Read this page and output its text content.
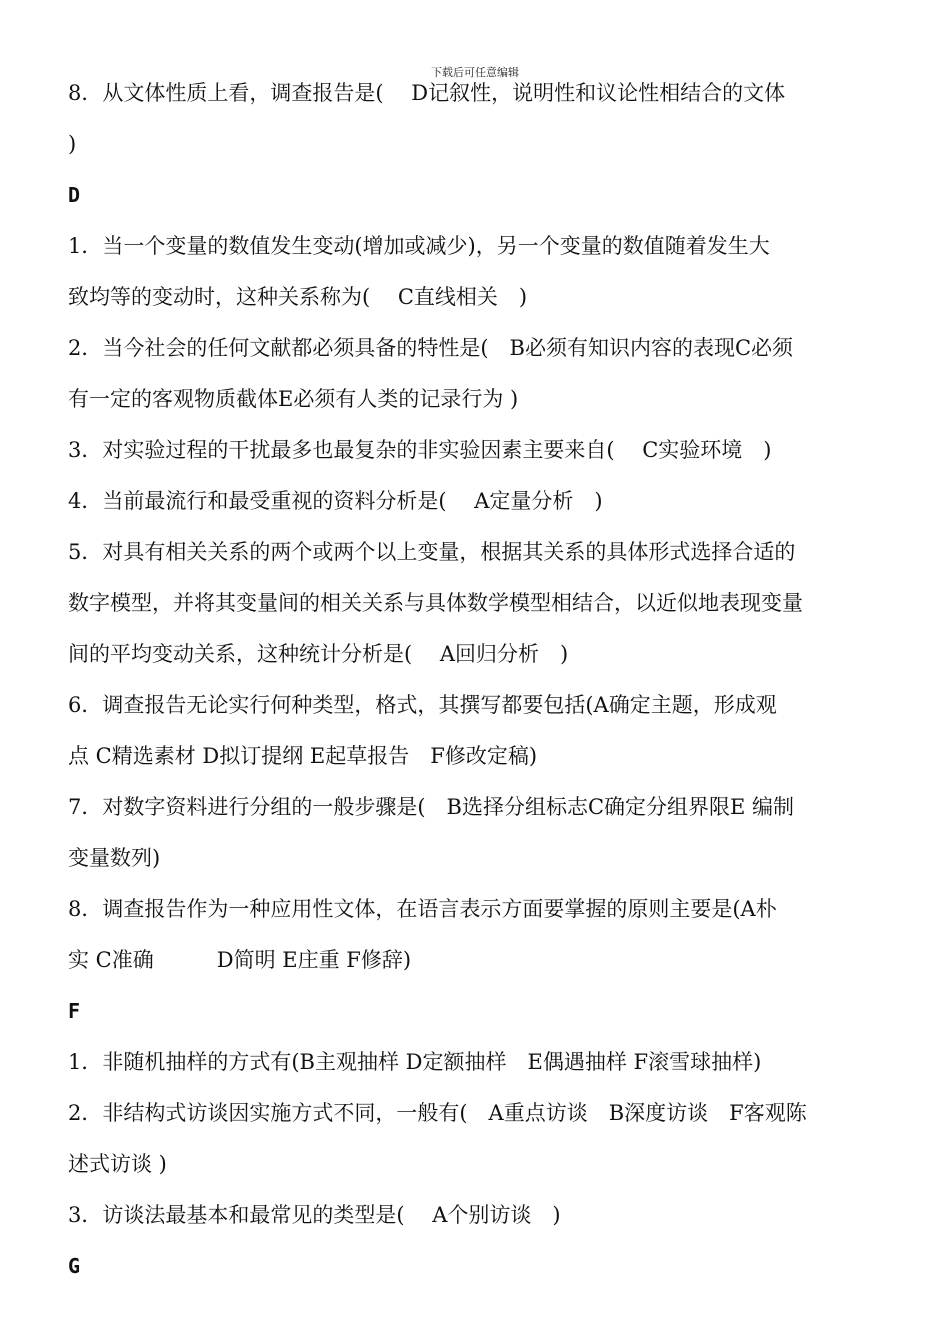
下载后可任意编辑
8．从文体性质上看，调查报告是(　 D记叙性，说明性和议论性相结合的文体
)
D
1．当一个变量的数值发生变动(增加或减少)，另一个变量的数值随着发生大
致均等的变动时，这种关系称为(　 C直线相关　)
2．当今社会的任何文献都必须具备的特性是(　B必须有知识内容的表现C必须
有一定的客观物质截体E必须有人类的记录行为 )
3．对实验过程的干扰最多也最复杂的非实验因素主要来自(　 C实验环境　)
4．当前最流行和最受重视的资料分析是(　 A定量分析　)
5．对具有相关关系的两个或两个以上变量，根据其关系的具体形式选择合适的
数字模型，并将其变量间的相关关系与具体数学模型相结合，以近似地表现变量
间的平均变动关系，这种统计分析是(　 A回归分析　)
6．调查报告无论实行何种类型，格式，其撰写都要包括(A确定主题，形成观
点 C精选素材 D拟订提纲 E起草报告　F修改定稿)
7．对数字资料进行分组的一般步骤是(　B选择分组标志C确定分组界限E 编制
变量数列)
8．调查报告作为一种应用性文体，在语言表示方面要掌握的原则主要是(A朴
实 C准确　　　D简明 E庄重 F修辞)
F
1．非随机抽样的方式有(B主观抽样 D定额抽样　E偶遇抽样 F滚雪球抽样)
2．非结构式访谈因实施方式不同，一般有(　A重点访谈　B深度访谈　F客观陈
述式访谈 )
3．访谈法最基本和最常见的类型是(　 A个别访谈　)
G
